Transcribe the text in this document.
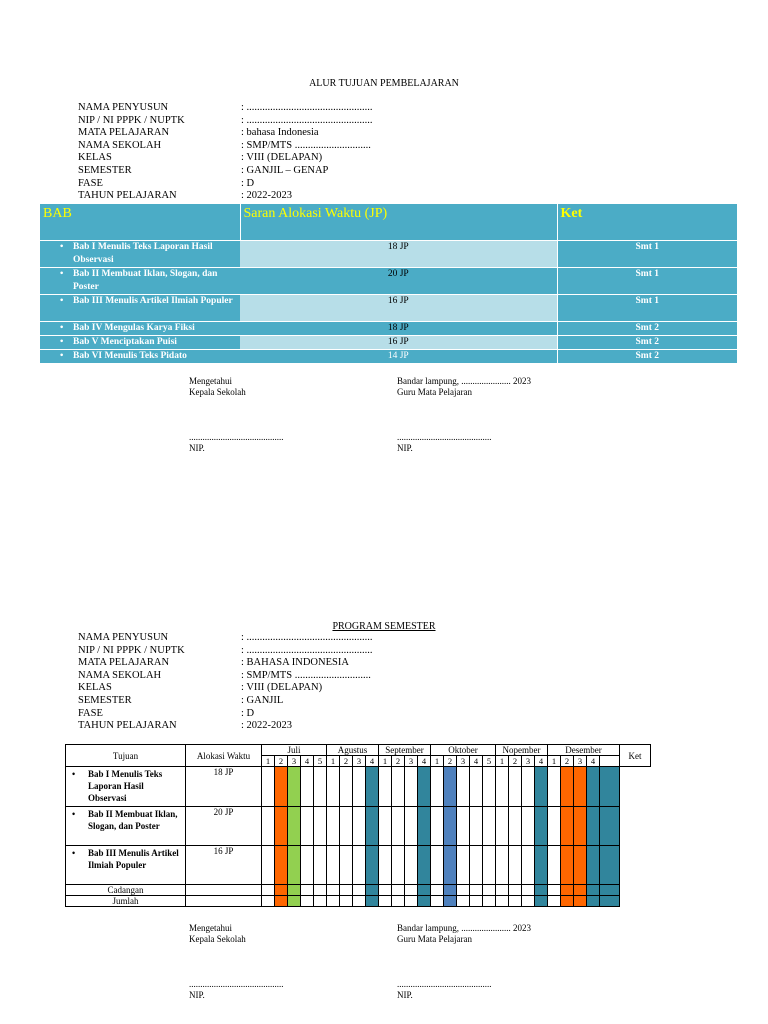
ALUR TUJUAN PEMBELAJARAN
NAMA PENYUSUN	: ................................................
NIP / NI PPPK / NUPTK	: ................................................
MATA PELAJARAN	: bahasa Indonesia
NAMA SEKOLAH	: SMP/MTS .............................
KELAS	: VIII (DELAPAN)
SEMESTER	: GANJIL – GENAP
FASE	: D
TAHUN PELAJARAN	: 2022-2023
BAB	Saran Alokasi Waktu (JP)	Ket

• Bab I Menulis Teks Laporan Hasil Observasi	18 JP	Smt 1

• Bab II Membuat Iklan, Slogan, dan Poster	20 JP	Smt 1

• Bab III Menulis Artikel Ilmiah Populer	16 JP	Smt 1

• Bab IV Mengulas Karya Fiksi	18 JP	Smt 2

• Bab V Menciptakan Puisi	16 JP	Smt 2

• Bab VI Menulis Teks Pidato	14 JP	Smt 2
Mengetahui
Kepala Sekolah
..........................................
NIP.
Bandar lampung, ...................... 2023
Guru Mata Pelajaran
..........................................
NIP.
PROGRAM SEMESTER
NAMA PENYUSUN	: ................................................
NIP / NI PPPK / NUPTK	: ................................................
MATA PELAJARAN	: BAHASA INDONESIA
NAMA SEKOLAH	: SMP/MTS .............................
KELAS	: VIII (DELAPAN)
SEMESTER	: GANJIL
FASE	: D
TAHUN PELAJARAN	: 2022-2023
Tujuan	Alokasi Waktu	Juli					Agustus				September				Oktober					Nopember				Desember					Ket
		1	2	3	4	5	1	2	3	4	1	2	3	4	1	2	3	4	5	1	2	3	4	1	2	3	4		
• Bab I Menulis Teks Laporan Hasil Observasi	18 JP																												
• Bab II Membuat Iklan, Slogan, dan Poster	20 JP																												
• Bab III Menulis Artikel Ilmiah Populer	16 JP																												
Cadangan																													
Jumlah																													
Mengetahui
Kepala Sekolah
..........................................
NIP.
Bandar lampung, ...................... 2023
Guru Mata Pelajaran
..........................................
NIP.
